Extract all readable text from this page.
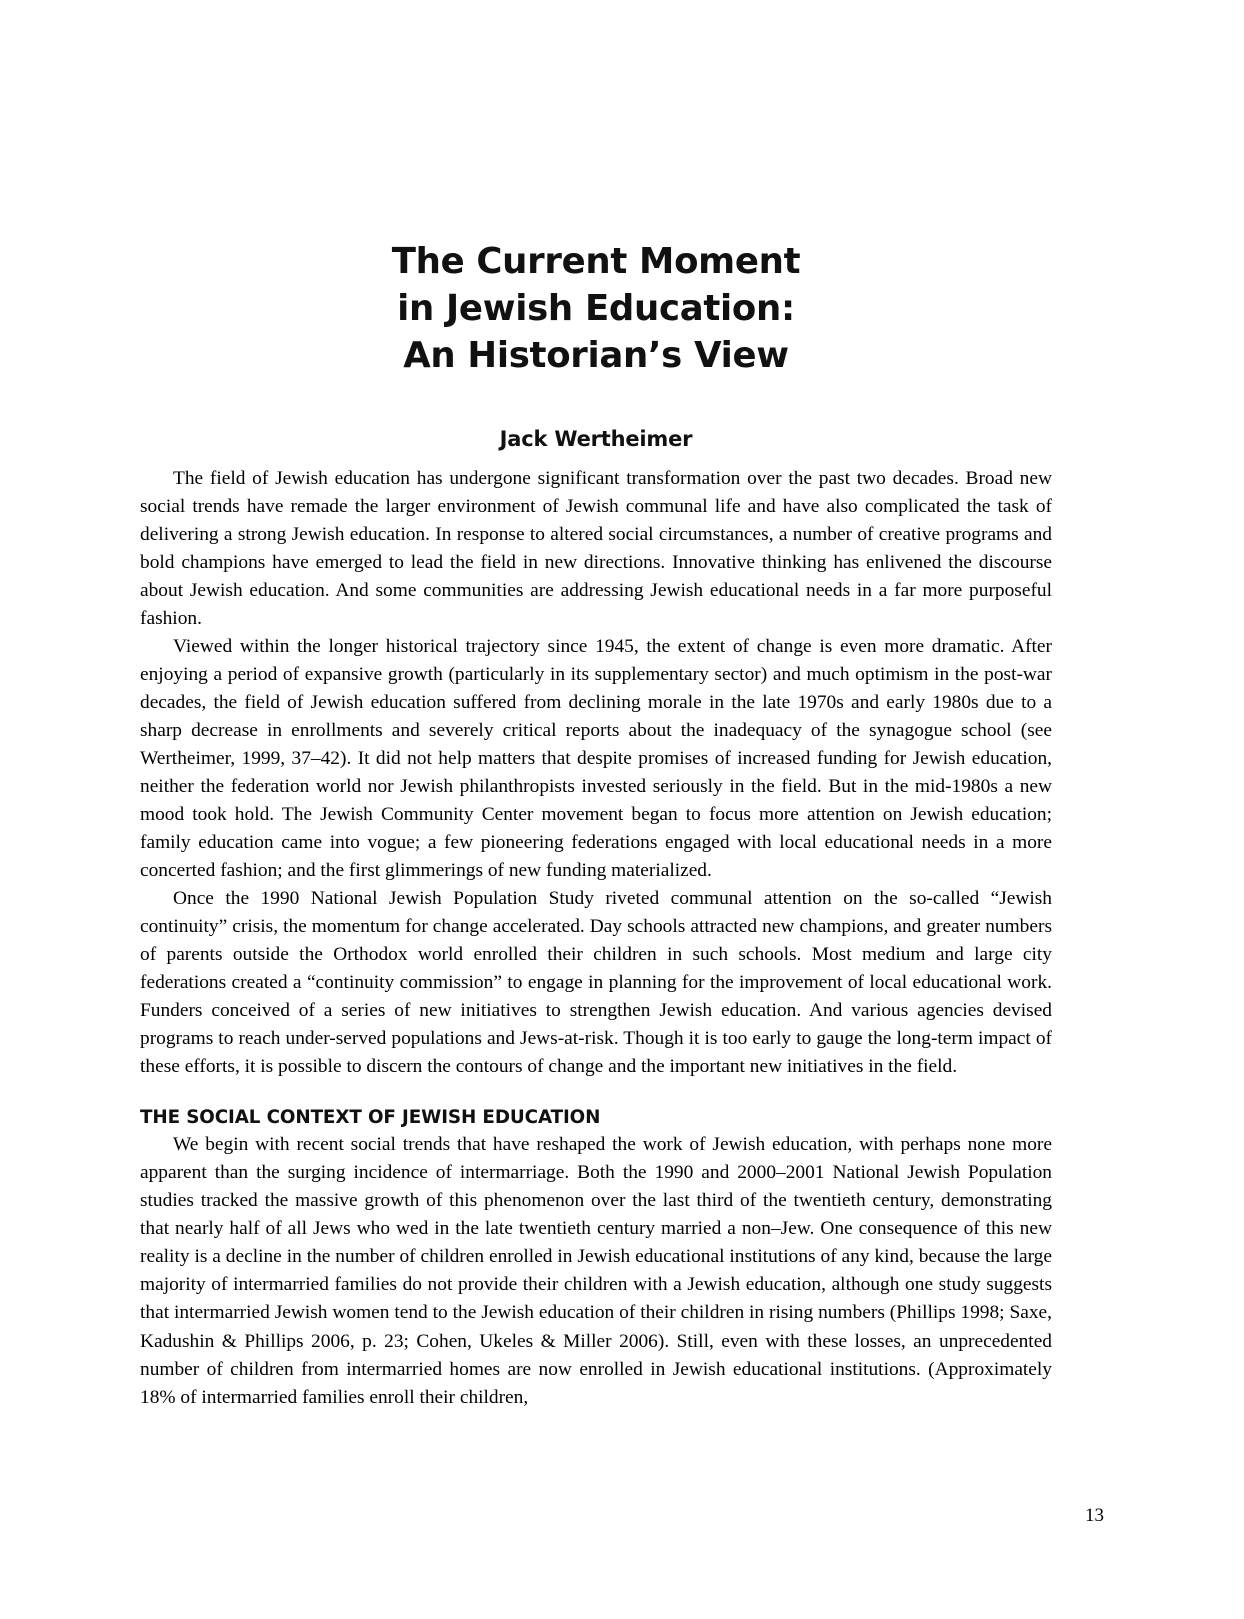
The Current Moment
in Jewish Education:
An Historian’s View
Jack Wertheimer

The field of Jewish education has undergone significant transformation over the past two decades. Broad new social trends have remade the larger environment of Jewish communal life and have also complicated the task of delivering a strong Jewish education. In response to altered social circumstances, a number of creative programs and bold champions have emerged to lead the field in new directions. Innovative thinking has enlivened the discourse about Jewish education. And some communities are addressing Jewish educational needs in a far more purposeful fashion.

Viewed within the longer historical trajectory since 1945, the extent of change is even more dramatic. After enjoying a period of expansive growth (particularly in its supplementary sector) and much optimism in the post-war decades, the field of Jewish education suffered from declining morale in the late 1970s and early 1980s due to a sharp decrease in enrollments and severely critical reports about the inadequacy of the synagogue school (see Wertheimer, 1999, 37–42). It did not help matters that despite promises of increased funding for Jewish education, neither the federation world nor Jewish philanthropists invested seriously in the field. But in the mid-1980s a new mood took hold. The Jewish Community Center movement began to focus more attention on Jewish education; family education came into vogue; a few pioneering federations engaged with local educational needs in a more concerted fashion; and the first glimmerings of new funding materialized.

Once the 1990 National Jewish Population Study riveted communal attention on the so-called “Jewish continuity” crisis, the momentum for change accelerated. Day schools attracted new champions, and greater numbers of parents outside the Orthodox world enrolled their children in such schools. Most medium and large city federations created a “continuity commission” to engage in planning for the improvement of local educational work. Funders conceived of a series of new initiatives to strengthen Jewish education. And various agencies devised programs to reach under-served populations and Jews-at-risk. Though it is too early to gauge the long-term impact of these efforts, it is possible to discern the contours of change and the important new initiatives in the field.

THE SOCIAL CONTEXT OF JEWISH EDUCATION

We begin with recent social trends that have reshaped the work of Jewish education, with perhaps none more apparent than the surging incidence of intermarriage. Both the 1990 and 2000–2001 National Jewish Population studies tracked the massive growth of this phenomenon over the last third of the twentieth century, demonstrating that nearly half of all Jews who wed in the late twentieth century married a non–Jew. One consequence of this new reality is a decline in the number of children enrolled in Jewish educational institutions of any kind, because the large majority of intermarried families do not provide their children with a Jewish education, although one study suggests that intermarried Jewish women tend to the Jewish education of their children in rising numbers (Phillips 1998; Saxe, Kadushin & Phillips 2006, p. 23; Cohen, Ukeles & Miller 2006). Still, even with these losses, an unprecedented number of children from intermarried homes are now enrolled in Jewish educational institutions. (Approximately 18% of intermarried families enroll their children,

13
